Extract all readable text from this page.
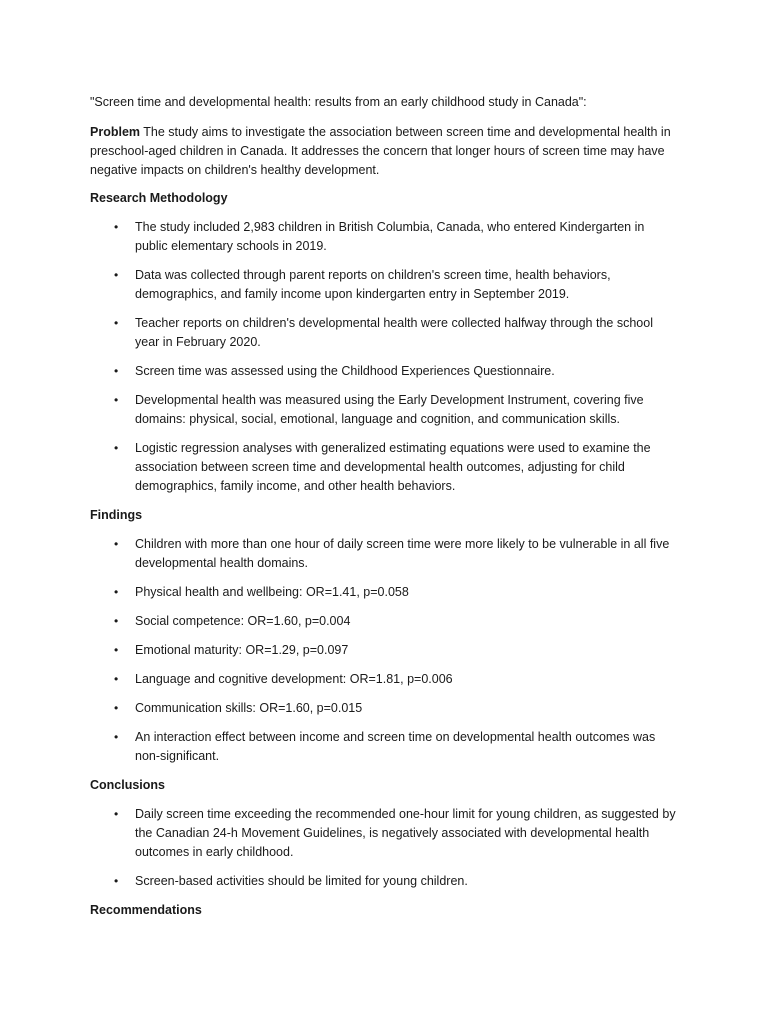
"Screen time and developmental health: results from an early childhood study in Canada":

Problem The study aims to investigate the association between screen time and developmental health in preschool-aged children in Canada. It addresses the concern that longer hours of screen time may have negative impacts on children's healthy development.

Research Methodology
• The study included 2,983 children in British Columbia, Canada, who entered Kindergarten in public elementary schools in 2019.
• Data was collected through parent reports on children's screen time, health behaviors, demographics, and family income upon kindergarten entry in September 2019.
• Teacher reports on children's developmental health were collected halfway through the school year in February 2020.
• Screen time was assessed using the Childhood Experiences Questionnaire.
• Developmental health was measured using the Early Development Instrument, covering five domains: physical, social, emotional, language and cognition, and communication skills.
• Logistic regression analyses with generalized estimating equations were used to examine the association between screen time and developmental health outcomes, adjusting for child demographics, family income, and other health behaviors.
Findings
• Children with more than one hour of daily screen time were more likely to be vulnerable in all five developmental health domains.
• Physical health and wellbeing: OR=1.41, p=0.058
• Social competence: OR=1.60, p=0.004
• Emotional maturity: OR=1.29, p=0.097
• Language and cognitive development: OR=1.81, p=0.006
• Communication skills: OR=1.60, p=0.015
• An interaction effect between income and screen time on developmental health outcomes was non-significant.
Conclusions
• Daily screen time exceeding the recommended one-hour limit for young children, as suggested by the Canadian 24-h Movement Guidelines, is negatively associated with developmental health outcomes in early childhood.
• Screen-based activities should be limited for young children.
Recommendations
